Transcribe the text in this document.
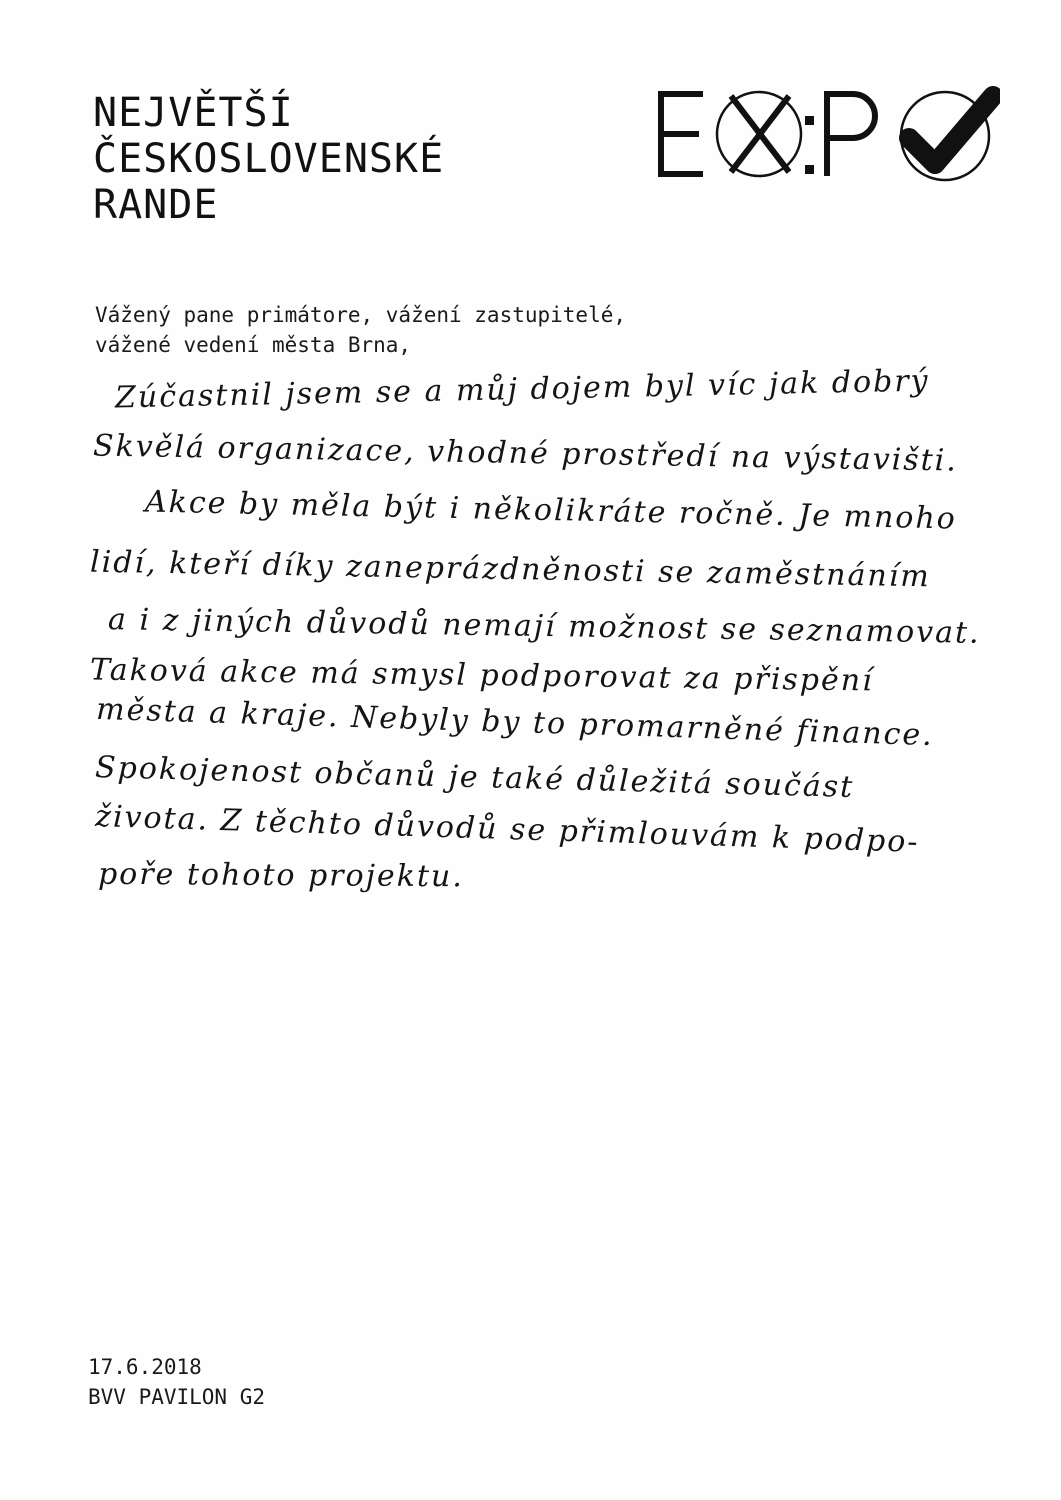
NEJVĚTŠÍ
ČESKOSLOVENSKÉ
RANDE
EX:PO
Vážený pane primátore, vážení zastupitelé,
vážené vedení města Brna,
Zúčastnil jsem se a můj dojem byl víc jak dobrý
Skvělá organizace, vhodné prostředí na výstavišti.
Akce by měla být i několikráte ročně. Je mnoho
lidí, kteří díky zaneprázdněnosti se zaměstnáním
a i z jiných důvodů nemají možnost se seznamovat.
Taková akce má smysl podporovat za přispění
města a kraje. Nebyly by to promarněné finance.
Spokojenost občanů je také důležitá součást
života. Z těchto důvodů se přimlouvám k podpo-
poře tohoto projektu.
17.6.2018
BVV PAVILON G2
